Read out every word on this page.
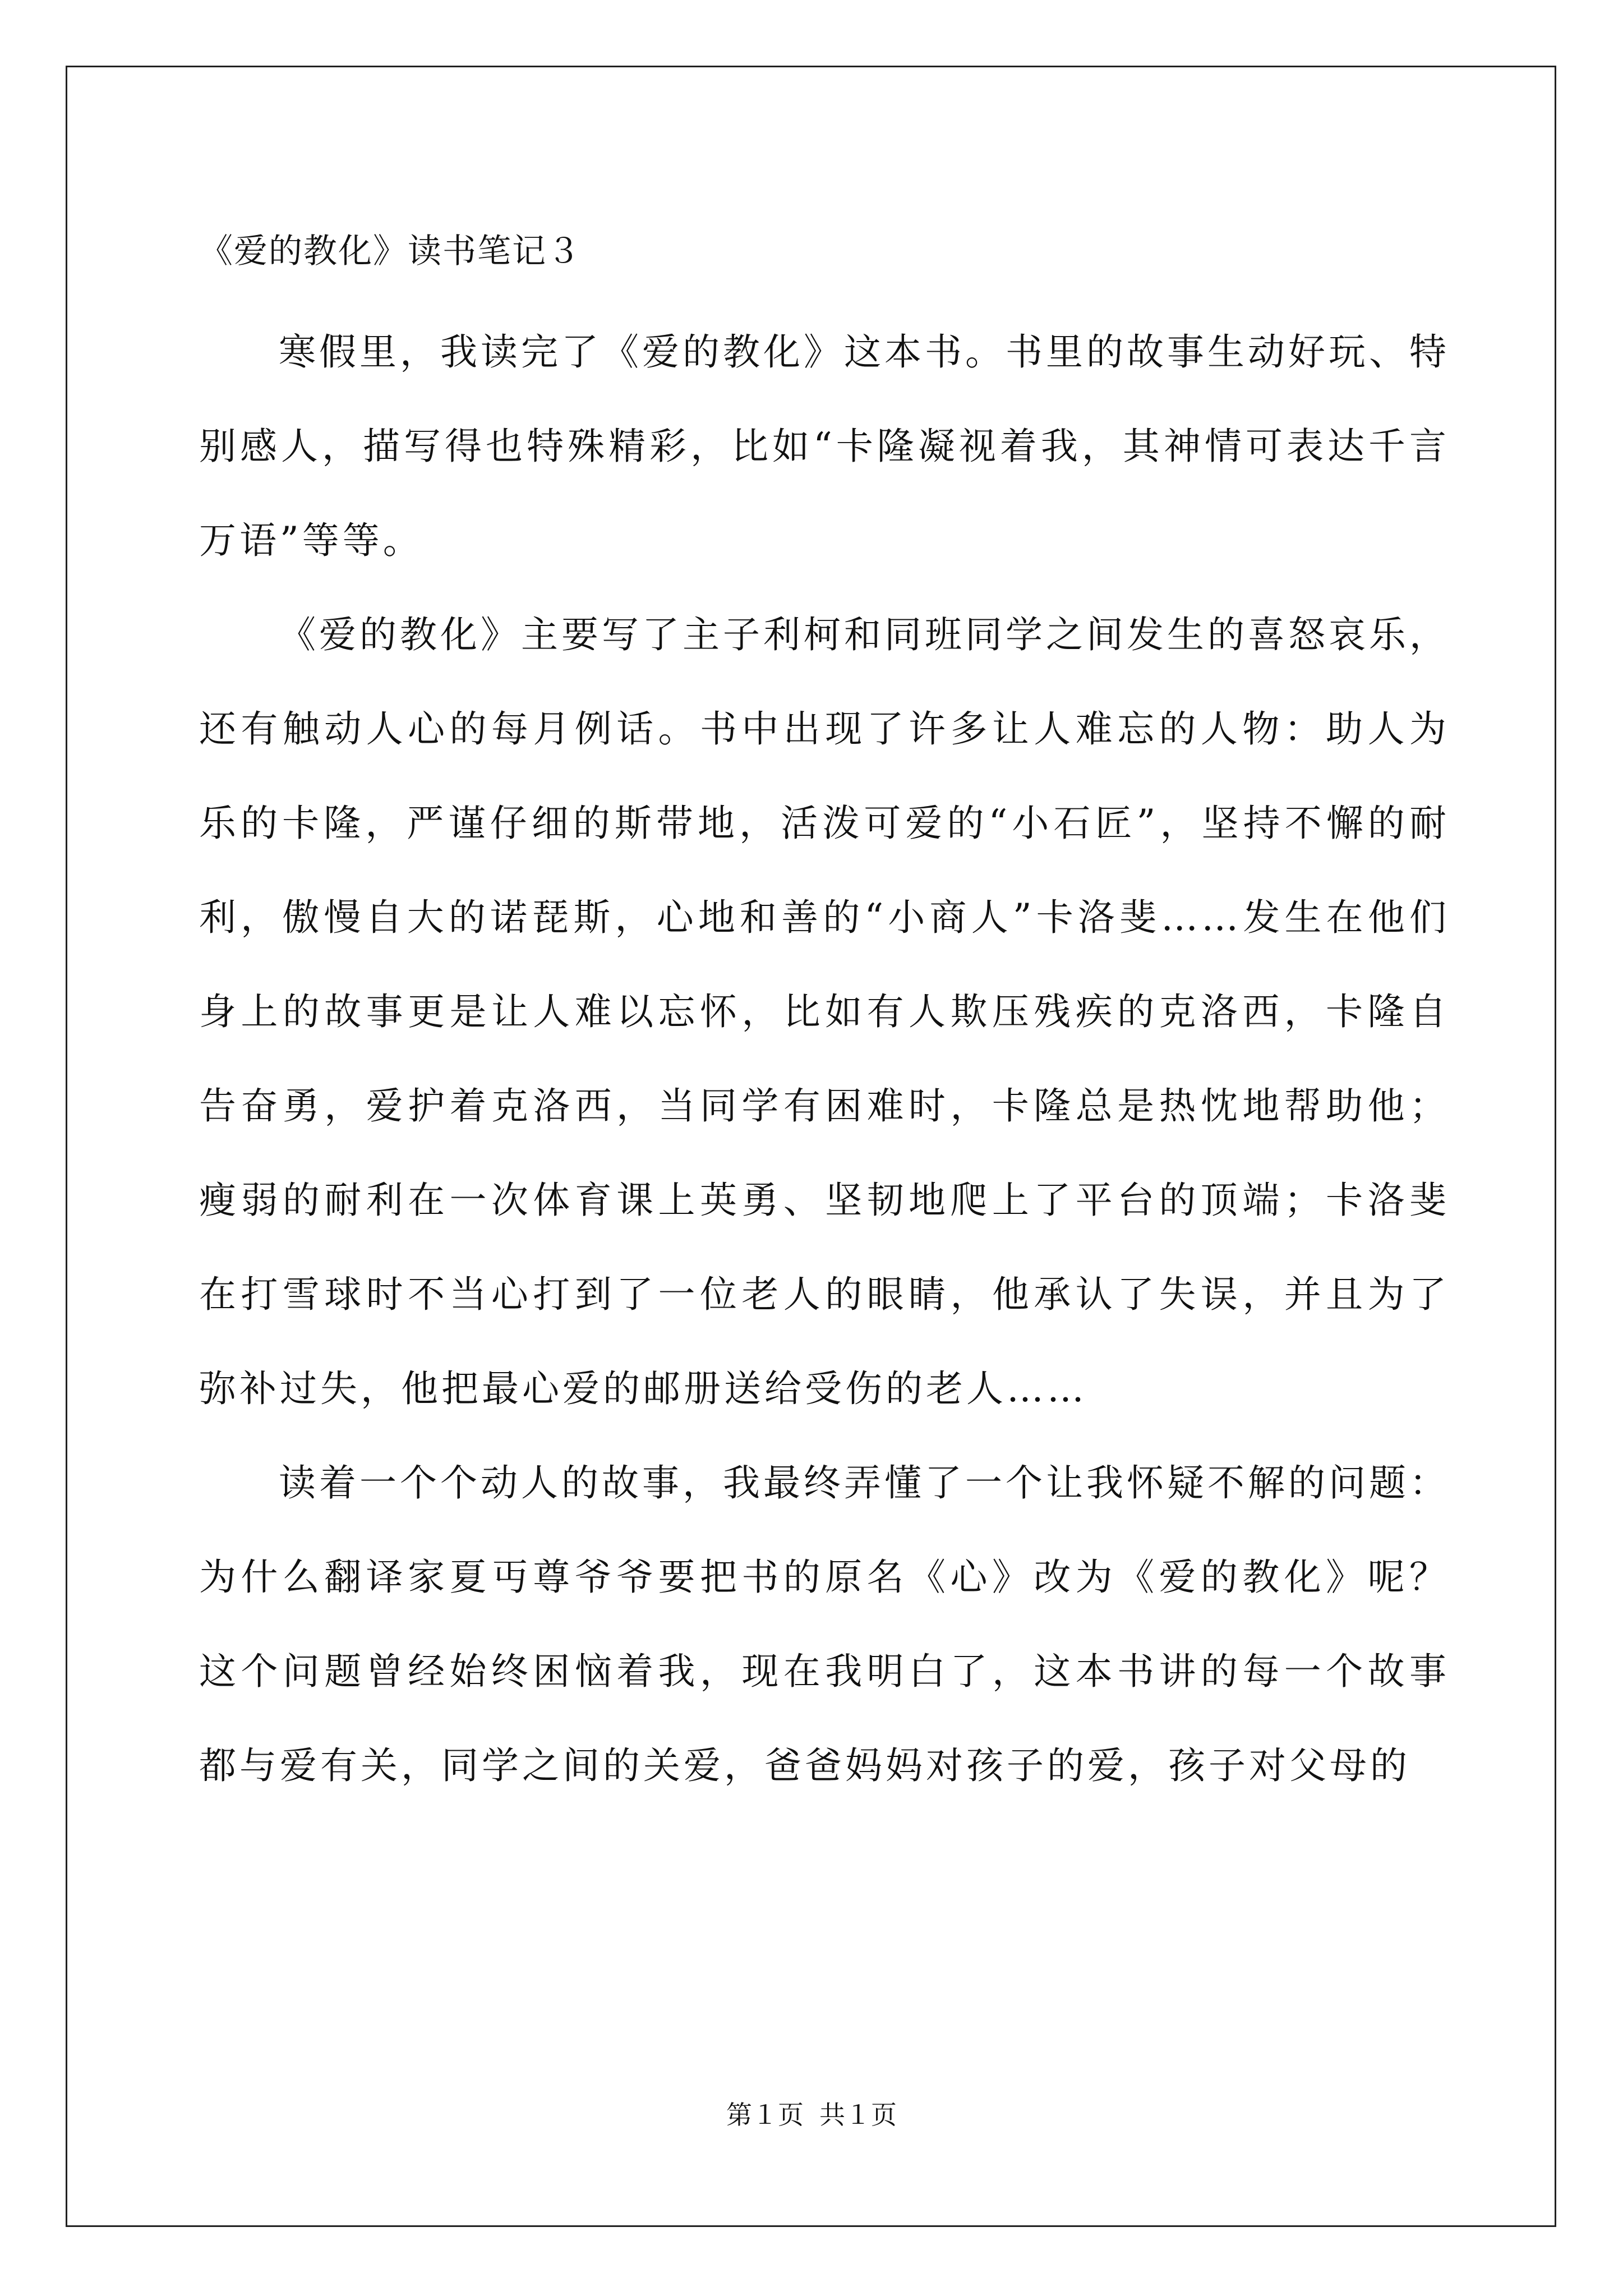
《爱的教化》读书笔记３

寒假里，我读完了《爱的教化》这本书。书里的故事生动好玩、特别感人，描写得也特殊精彩，比如“卡隆凝视着我，其神情可表达千言万语”等等。

《爱的教化》主要写了主子利柯和同班同学之间发生的喜怒哀乐，还有触动人心的每月例话。书中出现了许多让人难忘的人物：助人为乐的卡隆，严谨仔细的斯带地，活泼可爱的“小石匠”，坚持不懈的耐利，傲慢自大的诺琵斯，心地和善的“小商人”卡洛斐……发生在他们身上的故事更是让人难以忘怀，比如有人欺压残疾的克洛西，卡隆自告奋勇，爱护着克洛西，当同学有困难时，卡隆总是热忱地帮助他；瘦弱的耐利在一次体育课上英勇、坚韧地爬上了平台的顶端；卡洛斐在打雪球时不当心打到了一位老人的眼睛，他承认了失误，并且为了弥补过失，他把最心爱的邮册送给受伤的老人……

读着一个个动人的故事，我最终弄懂了一个让我怀疑不解的问题：为什么翻译家夏丏尊爷爷要把书的原名《心》改为《爱的教化》呢？这个问题曾经始终困恼着我，现在我明白了，这本书讲的每一个故事都与爱有关，同学之间的关爱，爸爸妈妈对孩子的爱，孩子对父母的

第１页 共１页
